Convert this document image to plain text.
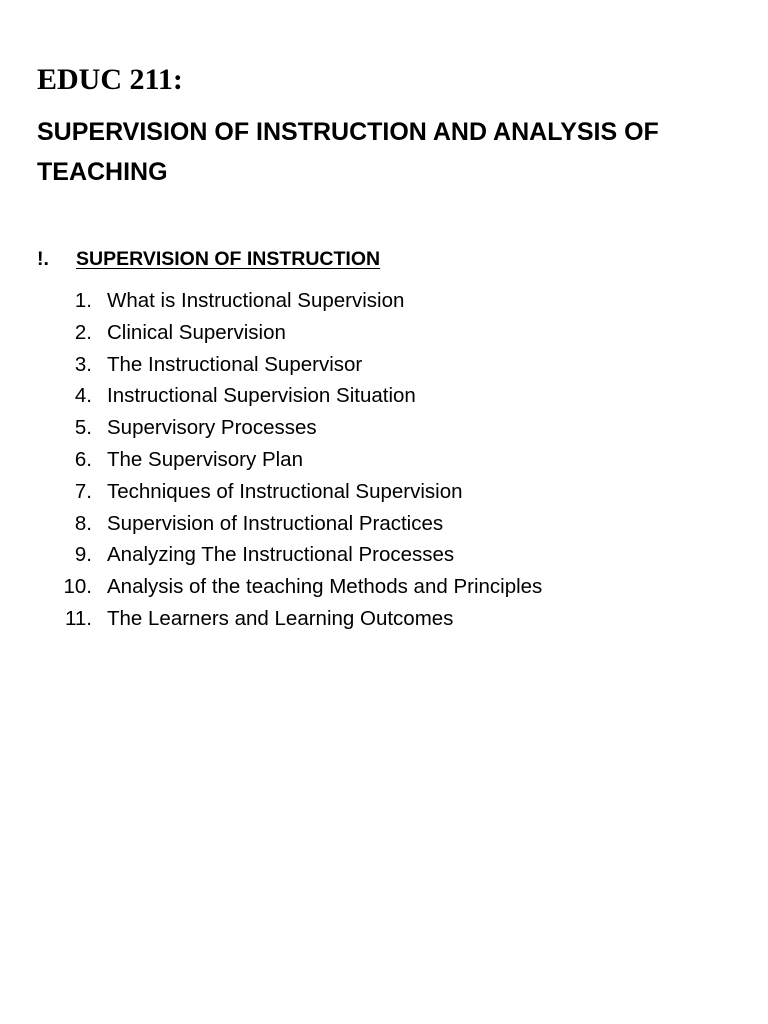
EDUC 211:
SUPERVISION OF INSTRUCTION AND ANALYSIS OF TEACHING
!. SUPERVISION OF INSTRUCTION
1. What is Instructional Supervision
2. Clinical Supervision
3. The Instructional Supervisor
4. Instructional Supervision Situation
5. Supervisory Processes
6. The Supervisory Plan
7. Techniques of Instructional Supervision
8. Supervision of Instructional Practices
9. Analyzing The Instructional Processes
10. Analysis of the teaching Methods and Principles
11. The Learners and Learning Outcomes
